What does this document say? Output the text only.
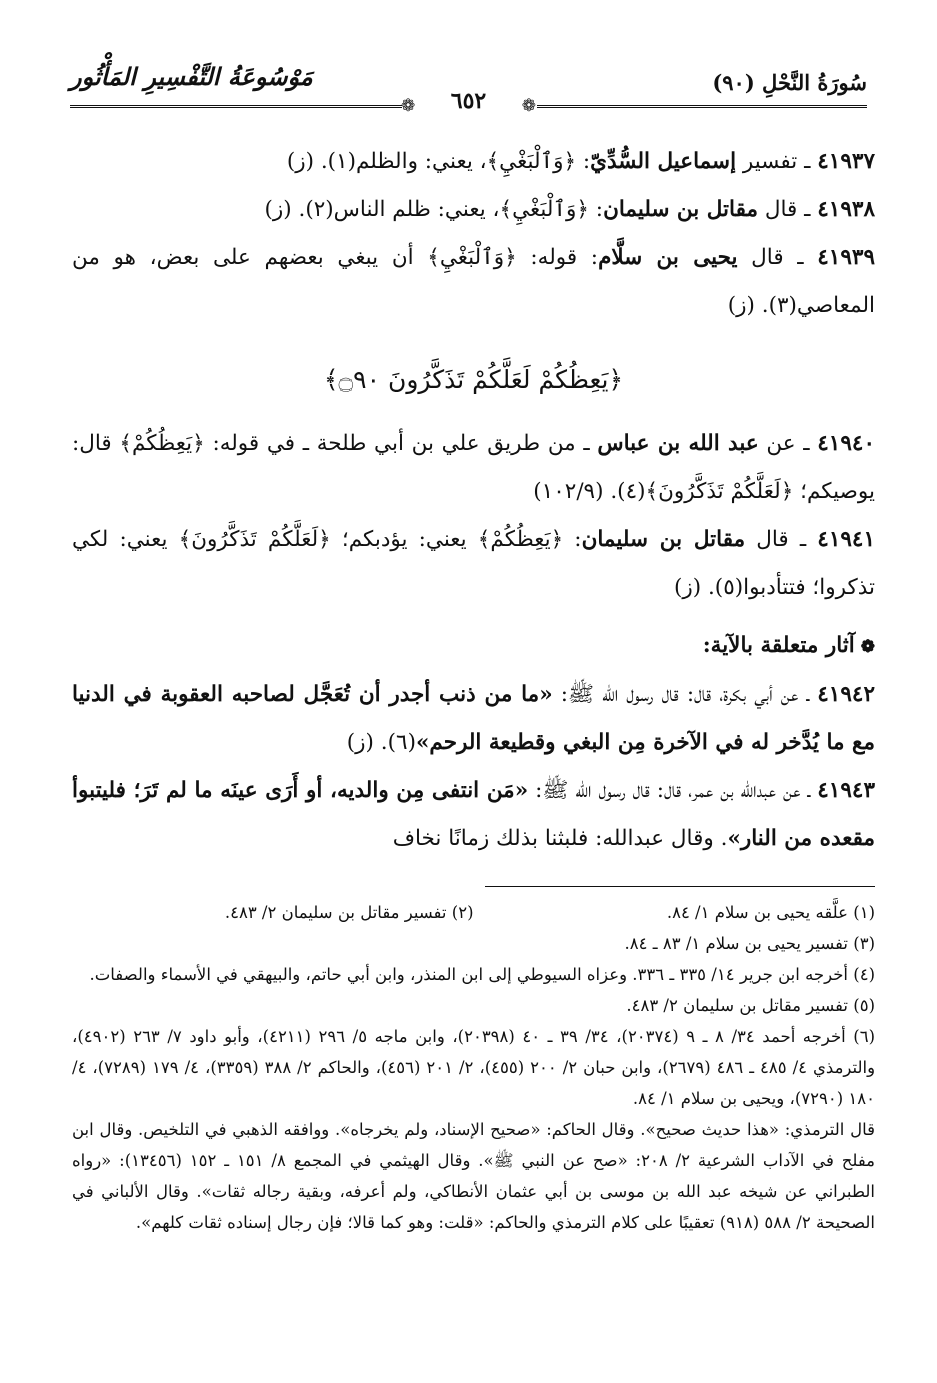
سُورَةُ النَّحْلِ (٩٠)
مَوْسُوعَةُ التَّفْسِيرِ المَأْثُور
❁
٦٥٢
❁

٤١٩٣٧ ـ تفسير إسماعيل السُّدِّيّ: ﴿وَٱلْبَغْيِ﴾، يعني: والظلم(١). (ز)

٤١٩٣٨ ـ قال مقاتل بن سليمان: ﴿وَٱلْبَغْيِ﴾، يعني: ظلم الناس(٢). (ز)

٤١٩٣٩ ـ قال يحيى بن سلَّام: قوله: ﴿وَٱلْبَغْيِ﴾ أن يبغي بعضهم على بعض، هو من المعاصي(٣). (ز)

﴿يَعِظُكُمْ لَعَلَّكُمْ تَذَكَّرُونَ ۝٩٠﴾

٤١٩٤٠ ـ عن عبد الله بن عباس ـ من طريق علي بن أبي طلحة ـ في قوله: ﴿يَعِظُكُمْ﴾ قال: يوصيكم؛ ﴿لَعَلَّكُمْ تَذَكَّرُونَ﴾(٤). (١٠٢/٩)

٤١٩٤١ ـ قال مقاتل بن سليمان: ﴿يَعِظُكُمْ﴾ يعني: يؤدبكم؛ ﴿لَعَلَّكُمْ تَذَكَّرُونَ﴾ يعني: لكي تذكروا؛ فتتأدبوا(٥). (ز)

❁آثار متعلقة بالآية:

٤١٩٤٢ ـ عن أبي بكرة، قال: قال رسول الله ﷺ: «ما من ذنب أجدر أن تُعَجَّل لصاحبه العقوبة في الدنيا مع ما يُدَّخر له في الآخرة مِن البغي وقطيعة الرحم»(٦). (ز)

٤١٩٤٣ ـ عن عبدالله بن عمر، قال: قال رسول الله ﷺ: «مَن انتفى مِن والديه، أو أَرَى عينَه ما لم تَرَ؛ فليتبوأ مقعده من النار». وقال عبدالله: فلبثنا بذلك زمانًا نخاف

(١) علَّقه يحيى بن سلام ١/ ٨٤.
(٢) تفسير مقاتل بن سليمان ٢/ ٤٨٣.

(٣) تفسير يحيى بن سلام ١/ ٨٣ ـ ٨٤.

(٤) أخرجه ابن جرير ١٤/ ٣٣٥ ـ ٣٣٦. وعزاه السيوطي إلى ابن المنذر، وابن أبي حاتم، والبيهقي في الأسماء والصفات.

(٥) تفسير مقاتل بن سليمان ٢/ ٤٨٣.

(٦) أخرجه أحمد ٣٤/ ٨ ـ ٩ (٢٠٣٧٤)، ٣٤/ ٣٩ ـ ٤٠ (٢٠٣٩٨)، وابن ماجه ٥/ ٢٩٦ (٤٢١١)، وأبو داود ٧/ ٢٦٣ (٤٩٠٢)، والترمذي ٤/ ٤٨٥ ـ ٤٨٦ (٢٦٧٩)، وابن حبان ٢/ ٢٠٠ (٤٥٥)، ٢/ ٢٠١ (٤٥٦)، والحاكم ٢/ ٣٨٨ (٣٣٥٩)، ٤/ ١٧٩ (٧٢٨٩)، ٤/ ١٨٠ (٧٢٩٠)، ويحيى بن سلام ١/ ٨٤.

قال الترمذي: «هذا حديث صحيح». وقال الحاكم: «صحيح الإسناد، ولم يخرجاه». ووافقه الذهبي في التلخيص. وقال ابن مفلح في الآداب الشرعية ٢/ ٢٠٨: «صح عن النبي ﷺ». وقال الهيثمي في المجمع ٨/ ١٥١ ـ ١٥٢ (١٣٤٥٦): «رواه الطبراني عن شيخه عبد الله بن موسى بن أبي عثمان الأنطاكي، ولم أعرفه، وبقية رجاله ثقات». وقال الألباني في الصحيحة ٢/ ٥٨٨ (٩١٨) تعقيبًا على كلام الترمذي والحاكم: «قلت: وهو كما قالا؛ فإن رجال إسناده ثقات كلهم».
